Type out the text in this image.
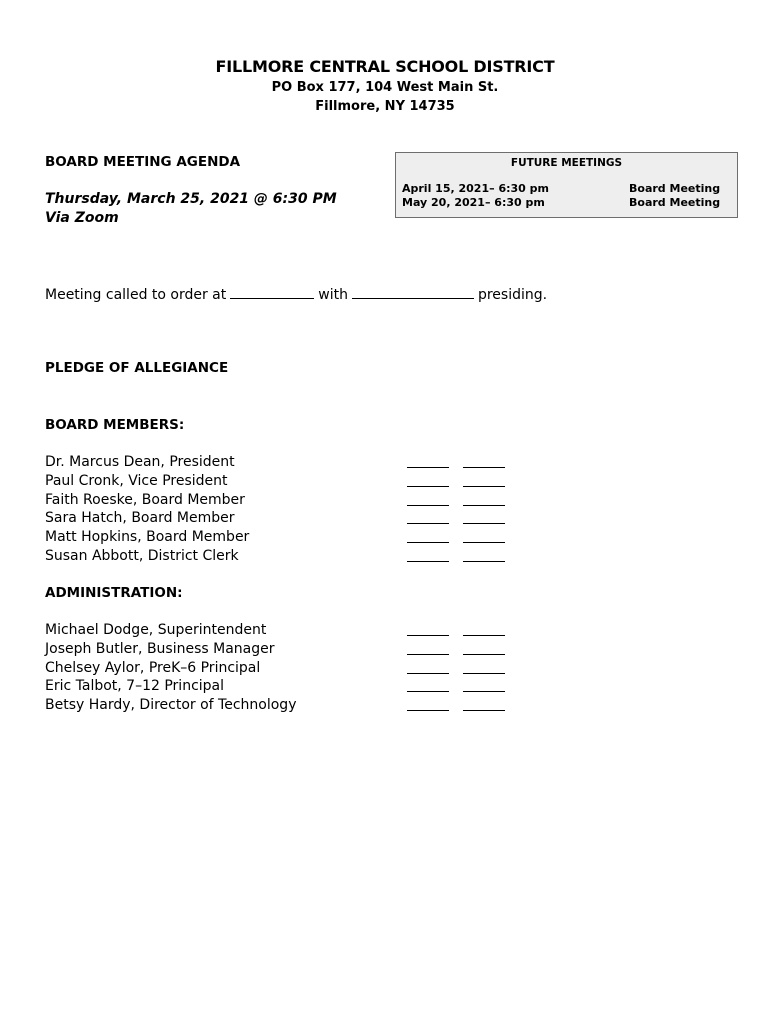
FILLMORE CENTRAL SCHOOL DISTRICT
PO Box 177, 104 West Main St.
Fillmore, NY 14735
BOARD MEETING AGENDA
Thursday, March 25, 2021 @ 6:30 PM
Via Zoom
FUTURE MEETINGS
April 15, 2021– 6:30 pm	Board Meeting
May 20, 2021– 6:30 pm	Board Meeting
Meeting called to order at	with	presiding.
PLEDGE OF ALLEGIANCE
BOARD MEMBERS:
Dr. Marcus Dean, President
Paul Cronk, Vice President
Faith Roeske, Board Member
Sara Hatch, Board Member
Matt Hopkins, Board Member
Susan Abbott, District Clerk
ADMINISTRATION:
Michael Dodge, Superintendent
Joseph Butler, Business Manager
Chelsey Aylor, PreK–6 Principal
Eric Talbot, 7–12 Principal
Betsy Hardy, Director of Technology
